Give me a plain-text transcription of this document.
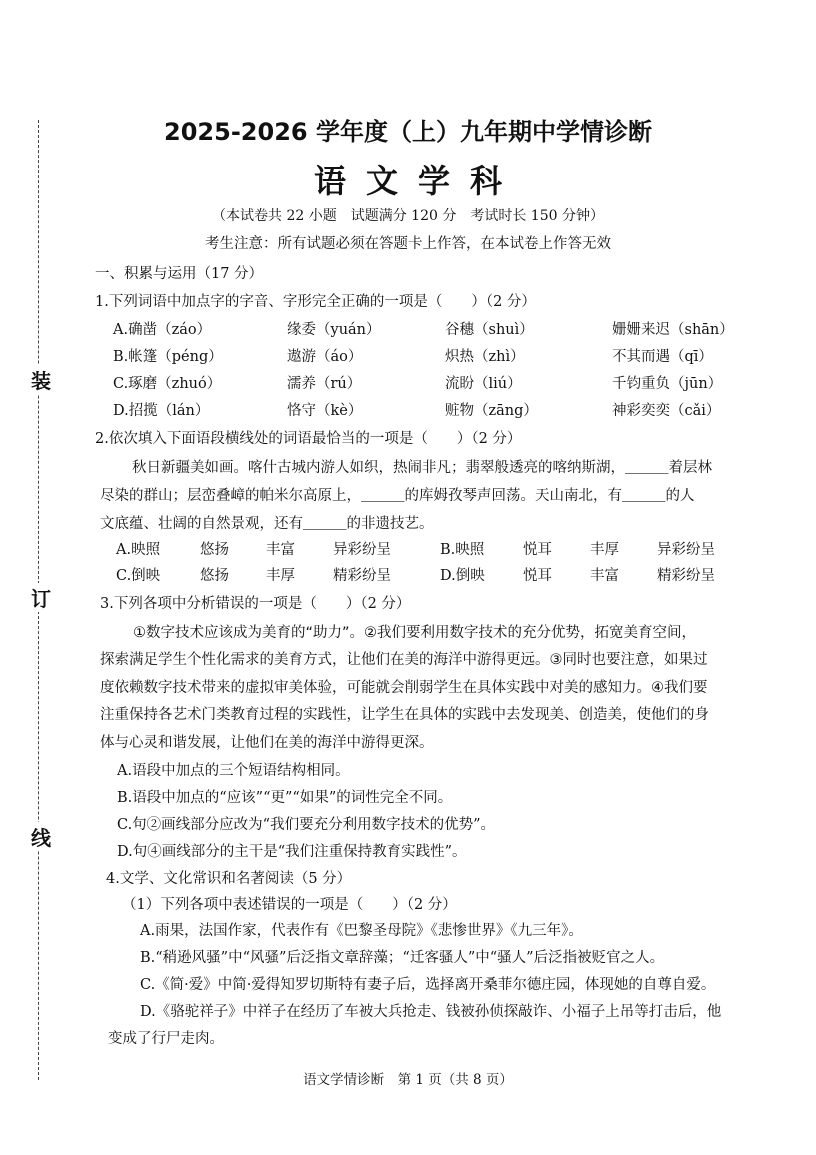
装
订
线
2025-2026 学年度（上）九年期中学情诊断
语文学科
（本试卷共 22 小题　试题满分 120 分　考试时长 150 分钟）
考生注意：所有试题必须在答题卡上作答，在本试卷上作答无效
一、积累与运用（17 分）
1.下列词语中加点字的字音、字形完全正确的一项是（　　）（2 分）
A.确凿（záo）	缘委（yuán）	谷穗（shuì）	姗姗来迟（shān）
B.帐篷（péng）	遨游（áo）	炽热（zhì）	不其而遇（qī）
C.琢磨（zhuó）	濡养（rú）	流盼（liú）	千钧重负（jūn）
D.招揽（lán）	恪守（kè）	赃物（zāng）	神彩奕奕（cǎi）
2.依次填入下面语段横线处的词语最恰当的一项是（　　）（2 分）
秋日新疆美如画。喀什古城内游人如织，热闹非凡；翡翠般透亮的喀纳斯湖，＿＿＿着层林
尽染的群山；层峦叠嶂的帕米尔高原上，＿＿＿的库姆孜琴声回荡。天山南北，有＿＿＿的人
文底蕴、壮阔的自然景观，还有＿＿＿的非遗技艺。
A.映照	悠扬	丰富	异彩纷呈	B.映照	悦耳	丰厚	异彩纷呈
C.倒映	悠扬	丰厚	精彩纷呈	D.倒映	悦耳	丰富	精彩纷呈
3.下列各项中分析错误的一项是（　　）（2 分）
①数字技术应该成为美育的“助力”。②我们要利用数字技术的充分优势，拓宽美育空间，
探索满足学生个性化需求的美育方式，让他们在美的海洋中游得更远。③同时也要注意，如果过
度依赖数字技术带来的虚拟审美体验，可能就会削弱学生在具体实践中对美的感知力。④我们要
注重保持各艺术门类教育过程的实践性，让学生在具体的实践中去发现美、创造美，使他们的身
体与心灵和谐发展，让他们在美的海洋中游得更深。
A.语段中加点的三个短语结构相同。
B.语段中加点的“应该”“更”“如果”的词性完全不同。
C.句②画线部分应改为“我们要充分利用数字技术的优势”。
D.句④画线部分的主干是“我们注重保持教育实践性”。
4.文学、文化常识和名著阅读（5 分）
（1）下列各项中表述错误的一项是（　　）（2 分）
A.雨果，法国作家，代表作有《巴黎圣母院》《悲惨世界》《九三年》。
B.“稍逊风骚”中“风骚”后泛指文章辞藻；“迁客骚人”中“骚人”后泛指被贬官之人。
C.《简·爱》中简·爱得知罗切斯特有妻子后，选择离开桑菲尔德庄园，体现她的自尊自爱。
D.《骆驼祥子》中祥子在经历了车被大兵抢走、钱被孙侦探敲诈、小福子上吊等打击后，他
变成了行尸走肉。
语文学情诊断　第 1 页（共 8 页）
